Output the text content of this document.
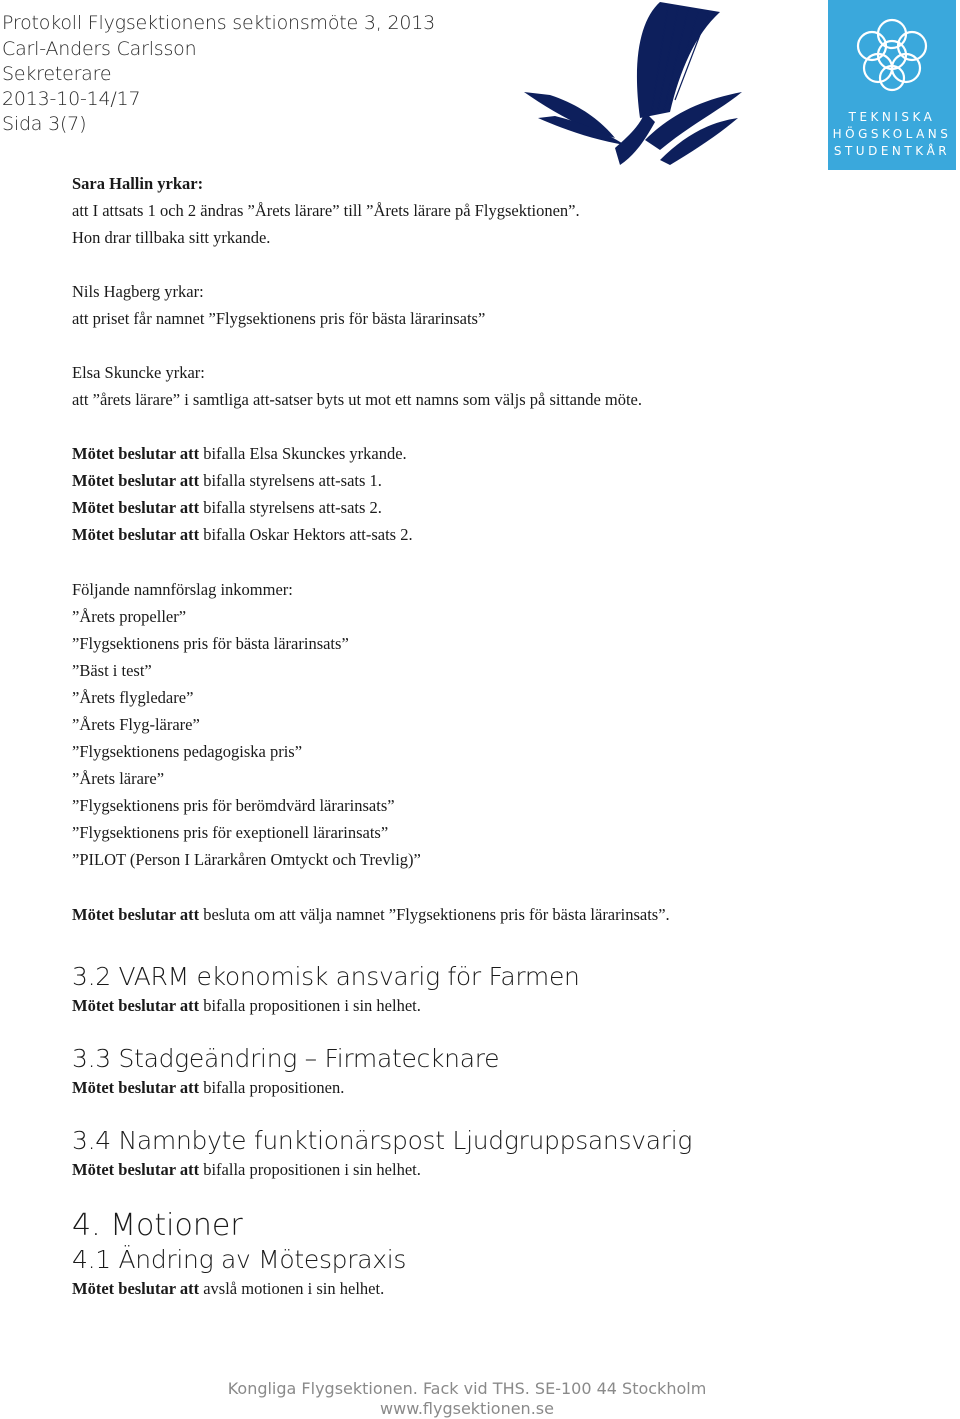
Protokoll Flygsektionens sektionsmöte 3, 2013
Carl-Anders Carlsson
Sekreterare
2013-10-14/17
Sida 3(7)	TEKNISKA
HÖGSKOLANS
STUDENTKÅR
Sara Hallin yrkar:
att I attsats 1 och 2 ändras ”Årets lärare” till ”Årets lärare på Flygsektionen”.
Hon drar tillbaka sitt yrkande.
Nils Hagberg yrkar:
att priset får namnet ”Flygsektionens pris för bästa lärarinsats”
Elsa Skuncke yrkar:
att ”årets lärare” i samtliga att-satser byts ut mot ett namns som väljs på sittande möte.
Mötet beslutar att bifalla Elsa Skunckes yrkande.
Mötet beslutar att bifalla styrelsens att-sats 1.
Mötet beslutar att bifalla styrelsens att-sats 2.
Mötet beslutar att bifalla Oskar Hektors att-sats 2.
Följande namnförslag inkommer:
”Årets propeller”
”Flygsektionens pris för bästa lärarinsats”
”Bäst i test”
”Årets flygledare”
”Årets Flyg-lärare”
”Flygsektionens pedagogiska pris”
”Årets lärare”
”Flygsektionens pris för berömdvärd lärarinsats”
”Flygsektionens pris för exeptionell lärarinsats”
”PILOT (Person I Lärarkåren Omtyckt och Trevlig)”
Mötet beslutar att besluta om att välja namnet ”Flygsektionens pris för bästa lärarinsats”.
3.2 VARM ekonomisk ansvarig för Farmen
Mötet beslutar att bifalla propositionen i sin helhet.
3.3 Stadgeändring – Firmatecknare
Mötet beslutar att bifalla propositionen.
3.4 Namnbyte funktionärspost Ljudgruppsansvarig
Mötet beslutar att bifalla propositionen i sin helhet.
4. Motioner
4.1 Ändring av Mötespraxis
Mötet beslutar att avslå motionen i sin helhet.
Kongliga Flygsektionen. Fack vid THS. SE-100 44 Stockholm
www.flygsektionen.se
